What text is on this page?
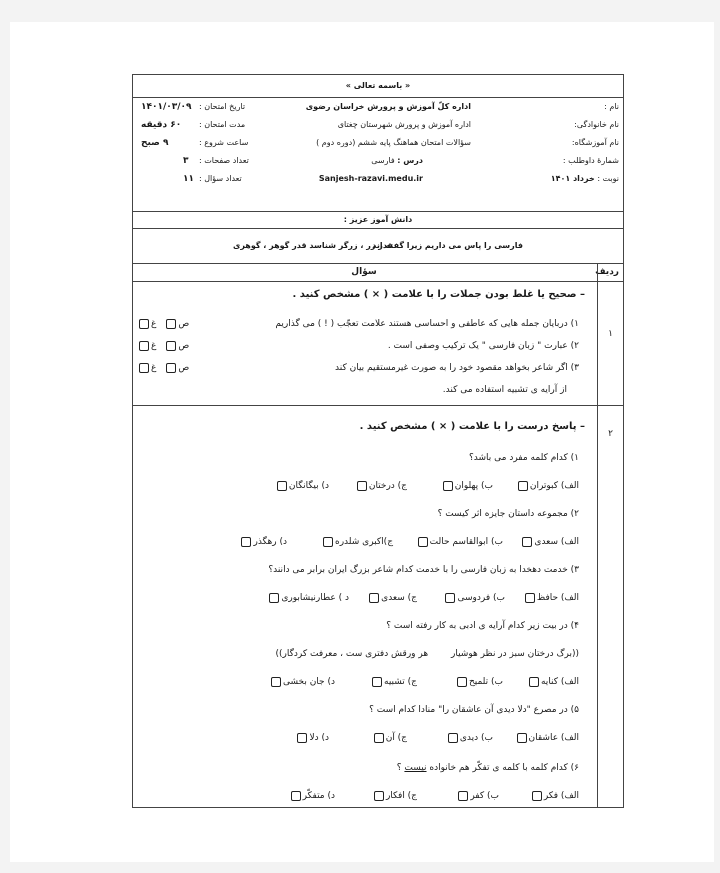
« باسمه تعالی »
نام :
نام خانوادگی:
نام آموزشگاه:
شمارهٔ داوطلب :
نوبت : خرداد ۱۴۰۱
اداره کلّ آموزش و پرورش خراسان رضوی
اداره آموزش و پرورش شهرستان چغتای
سؤالات امتحان هماهنگ پایه ششم (دوره دوم )
درس : فارسی
Sanjesh-razavi.medu.ir
تاریخ امتحان :
مدت امتحان :
ساعت شروع :
تعداد صفحات :
تعداد سؤال :
۱۴۰۱/۰۳/۰۹
۶۰ دقیقه
۹ صبح
۳
۱۱
دانش آموز عزیز :
فارسی را پاس می داریم زیرا گفته اند
قدر زر ، زرگر شناسد قدر گوهر ، گوهری
ردیف
سؤال
۱
– صحیح یا غلط بودن جملات را با علامت ( × ) مشخص کنید .
۱) دربایان جمله هایی که عاطفی و احساسی هستند علامت تعجّب ( ! ) می گذاریم
ص
غ
۲) عبارت " زبان فارسی " یک ترکیب وصفی است .
ص
غ
۳) اگر شاعر بخواهد مقصود خود را به صورت غیرمستقیم بیان کند
ص
غ
از آرایه ی تشبیه استفاده می کند.
۲
– پاسخ درست را با علامت ( × ) مشخص کنید .
۱) کدام کلمه مفرد می باشد؟
الف) کبوتران
ب) پهلوان
ج) درختان
د) بیگانگان
۲) مجموعه داستان جایزه اثر کیست ؟
الف) سعدی
ب) ابوالقاسم حالت
ج)اکبری شلدره
د) رهگذر
۳) خدمت دهخدا به زبان فارسی را با خدمت کدام شاعر بزرگ ایران برابر می دانند؟
الف) حافظ
ب) فردوسی
ج) سعدی
د ) عطارنیشابوری
۴) در بیت زیر کدام آرایه ی ادبی به کار رفته است ؟
((برگ درختان سبز در نظر هوشیار        هر ورقش دفتری ست ، معرفت کردگار))
الف) کنایه
ب) تلمیح
ج) تشبیه
د) جان بخشی
۵) در مصرع "دلا دیدی آن عاشقان را" منادا کدام است ؟
الف) عاشقان
ب) دیدی
ج) آن
د) دلا
۶) کدام کلمه با کلمه ی تفکّر هم خانواده نیست ؟
الف) فکر
ب) کفر
ج) افکار
د) متفکّر
